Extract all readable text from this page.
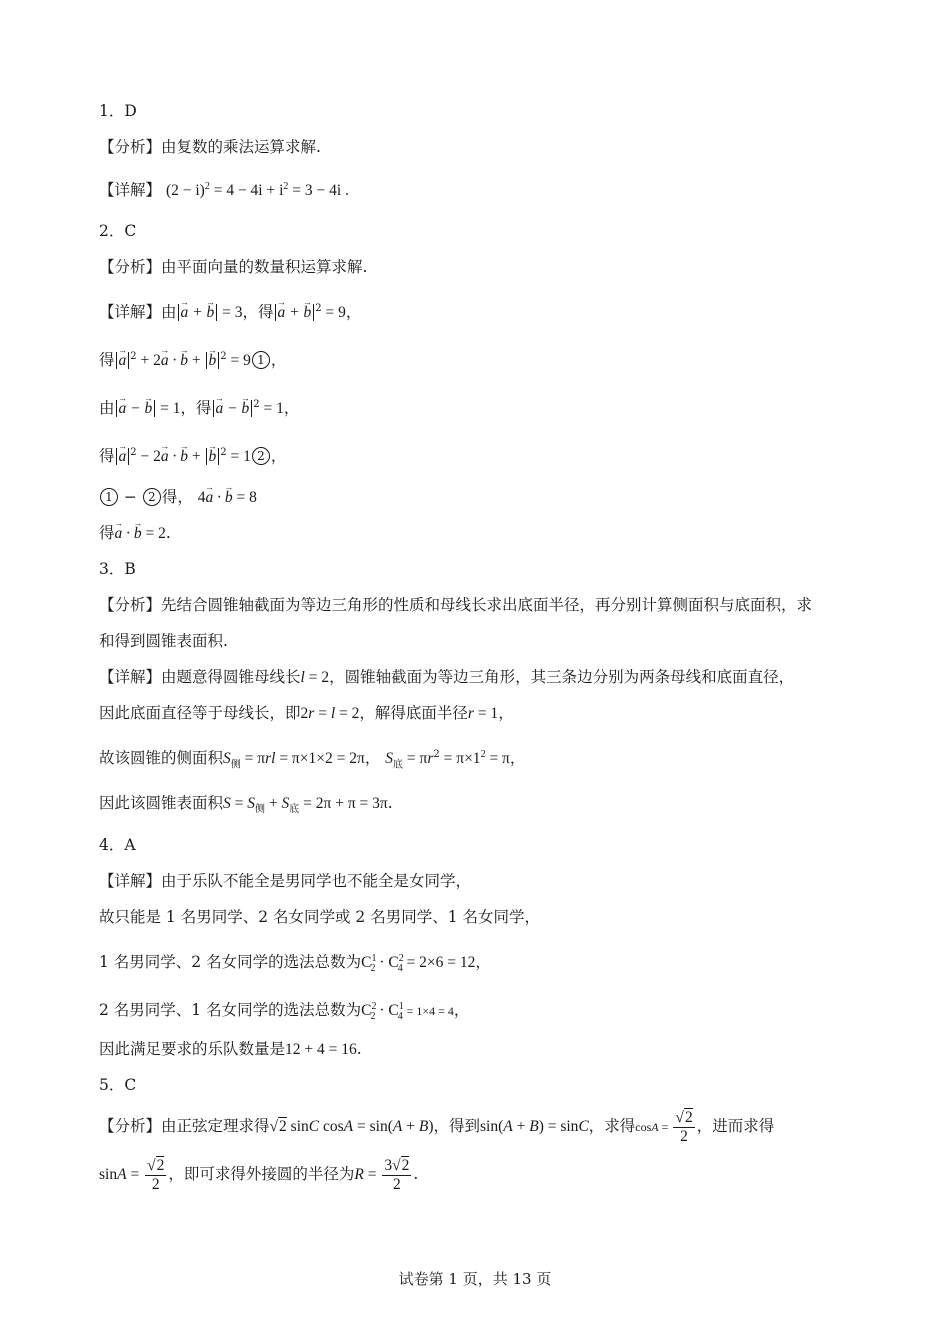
1．D
【分析】由复数的乘法运算求解.
【详解】 $(2 - i)^2 = 4 - 4i + i^2 = 3 - 4i$ .
2．C
【分析】由平面向量的数量积运算求解.
【详解】由 → a + → b = 3，得 → a + → b $^2$ = 9，
得 → a $^2$ + 2→ a · → b + → b $^2$ = 9 1 ，
由 → a − → b = 1，得 → a − → b $^2$ = 1，
得 → a $^2$ − 2→ a · → b + → b $^2$ = 1 2 ，
1 − 2 得， 4→ a · → b = 8
得→ a · → b = 2.
3．B
【分析】先结合圆锥轴截面为等边三角形的性质和母线长求出底面半径，再分别计算侧面积与底面积，求
和得到圆锥表面积.
【详解】由题意得圆锥母线长l = 2，圆锥轴截面为等边三角形，其三条边分别为两条母线和底面直径，
因此底面直径等于母线长，即2r = l = 2，解得底面半径r = 1，
故该圆锥的侧面积$S_侧 = \pi rl = \pi\times 1\times 2 = 2\pi$， $S_底 = \pi r^2 = \pi\times 1^2 = \pi$，
因此该圆锥表面积$S = S_侧 + S_底 = 2\pi + \pi = 3\pi$.
4．A
【详解】由于乐队不能全是男同学也不能全是女同学，
故只能是 1 名男同学、2 名女同学或 2 名男同学、1 名女同学，
1 名男同学、2 名女同学的选法总数为$C^1_2 \cdot C^2_4 = 2\times 6 = 12$，
2 名男同学、1 名女同学的选法总数为$C^2_2 \cdot C^1_4 = 1\times 4 = 4$，
因此满足要求的乐队数量是12 + 4 = 16.
5．C
【分析】由正弦定理求得√2 sinC cosA = sin(A + B)，得到sin(A + B) = sinC，求得$\cos A = \frac{√2}{2}$ ，进而求得
$\sin A = \frac{√2}{2}$ ，即可求得外接圆的半径为$R = \frac{3√2}{2}$ .
试卷第 1 页，共 13 页
